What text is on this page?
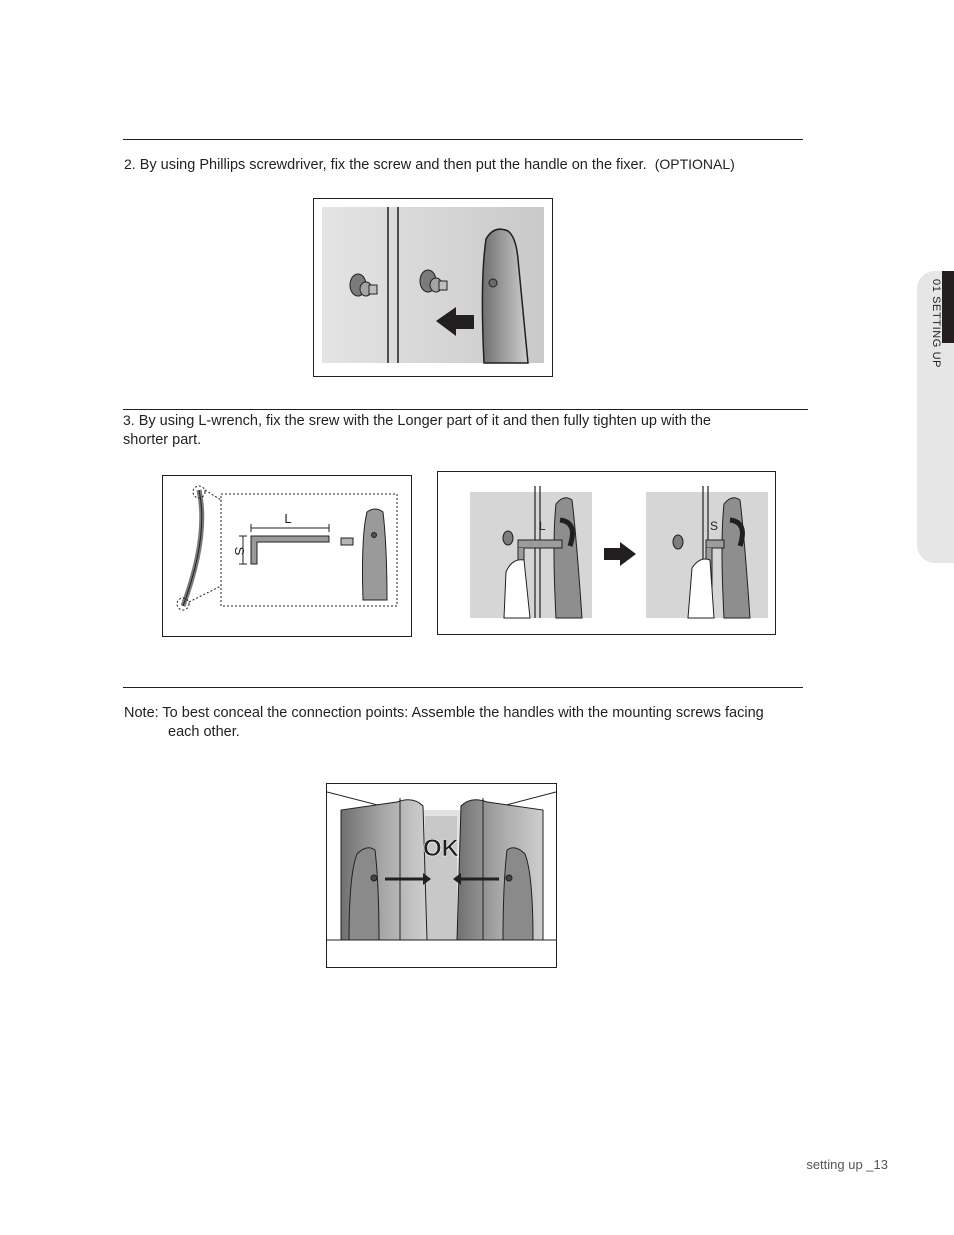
2. By using Phillips screwdriver, fix the screw and then put the handle on the fixer. (OPTIONAL)
3. By using L-wrench, fix the srew with the Longer part of it and then fully tighten up with the
shorter part.
L
S
L	S
Note: To best conceal the connection points: Assemble the handles with the mounting screws facing
each other.
OK
01 SETTING UP
setting up _13
